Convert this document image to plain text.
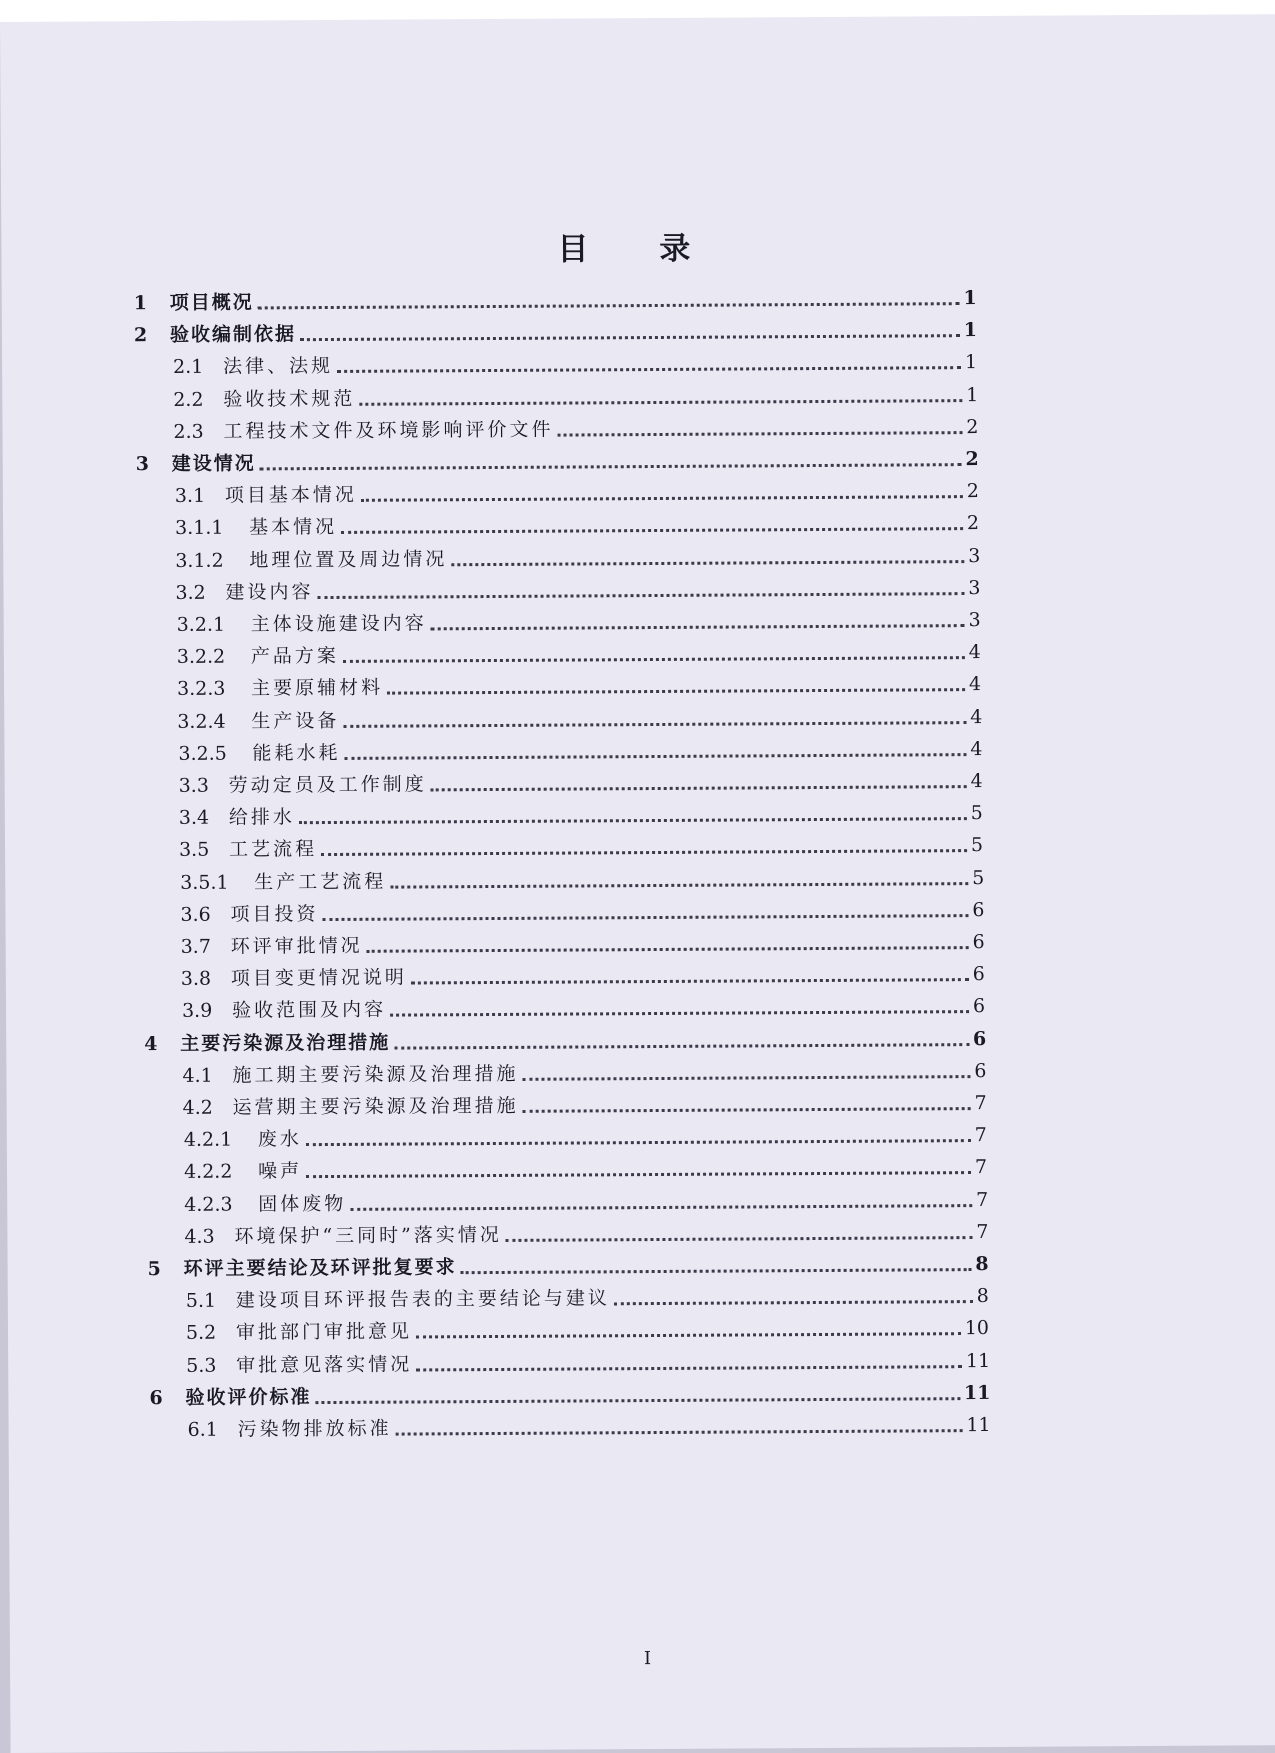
目 录
1	项目概况	1
2	验收编制依据	1
2.1	法律、法规	1
2.2	验收技术规范	1
2.3	工程技术文件及环境影响评价文件	2
3	建设情况	2
3.1	项目基本情况	2
3.1.1	基本情况	2
3.1.2	地理位置及周边情况	3
3.2	建设内容	3
3.2.1	主体设施建设内容	3
3.2.2	产品方案	4
3.2.3	主要原辅材料	4
3.2.4	生产设备	4
3.2.5	能耗水耗	4
3.3	劳动定员及工作制度	4
3.4	给排水	5
3.5	工艺流程	5
3.5.1	生产工艺流程	5
3.6	项目投资	6
3.7	环评审批情况	6
3.8	项目变更情况说明	6
3.9	验收范围及内容	6
4	主要污染源及治理措施	6
4.1	施工期主要污染源及治理措施	6
4.2	运营期主要污染源及治理措施	7
4.2.1	废水	7
4.2.2	噪声	7
4.2.3	固体废物	7
4.3	环境保护“三同时”落实情况	7
5	环评主要结论及环评批复要求	8
5.1	建设项目环评报告表的主要结论与建议	8
5.2	审批部门审批意见	10
5.3	审批意见落实情况	11
6	验收评价标准	11
6.1	污染物排放标准	11
I
